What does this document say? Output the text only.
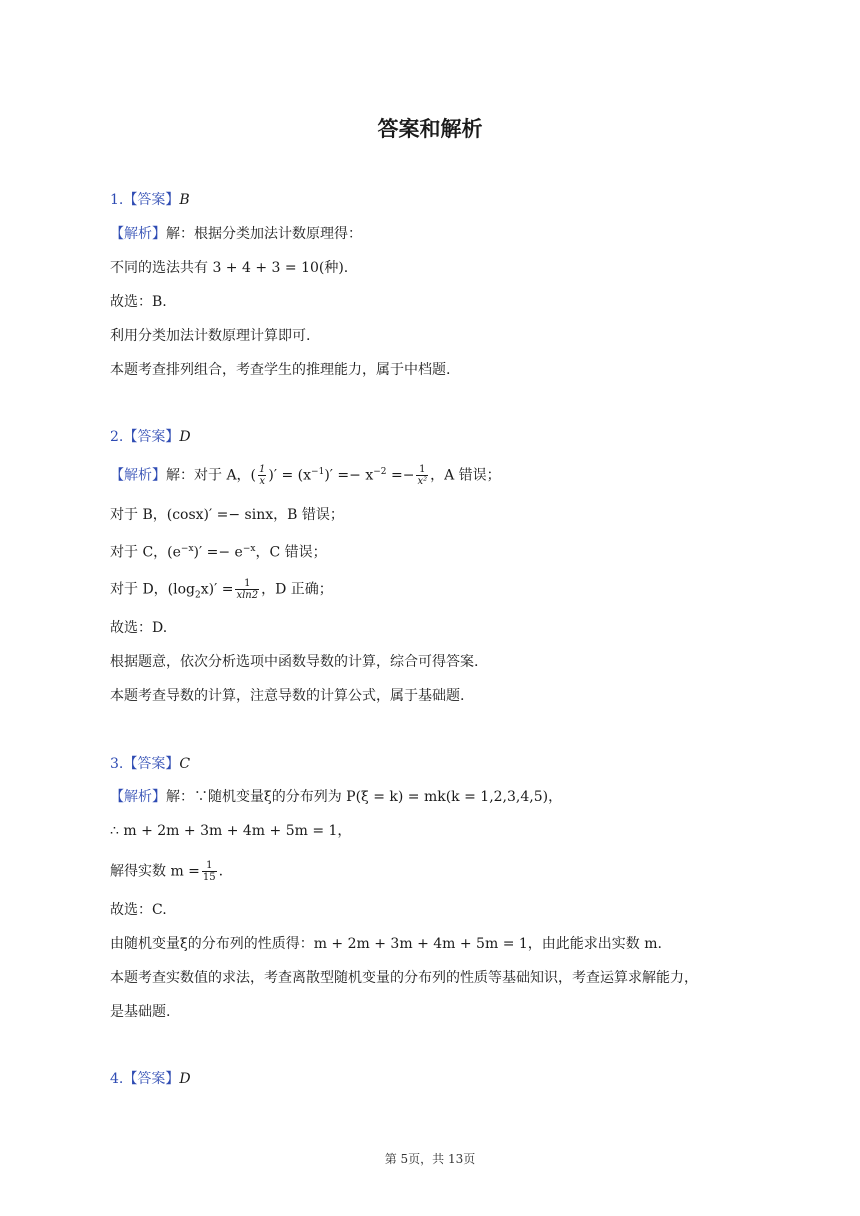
答案和解析
1.【答案】B
【解析】解：根据分类加法计数原理得：
不同的选法共有 3 + 4 + 3 = 10(种).
故选：B.
利用分类加法计数原理计算即可.
本题考查排列组合，考查学生的推理能力，属于中档题.
2.【答案】D
【解析】解：对于 A，( $\frac{1}{x}$ )′ = $(x^{-1})' =- x^{-2} =- \frac{1}{\text{x²}}$ ，A 错误；
对于 B，(cosx)′ =− sinx，B 错误；
对于 C，$(e^{-x})' =- e^{-x}$，C 错误；
对于 D，$(\log_2x)' = \frac{1}{xln2}$ ，D 正确；
故选：D.
根据题意，依次分析选项中函数导数的计算，综合可得答案.
本题考查导数的计算，注意导数的计算公式，属于基础题.
3.【答案】C
【解析】解：∵随机变量ξ的分布列为 P(ξ = k) = mk(k = 1,2,3,4,5)，
∴ m + 2m + 3m + 4m + 5m = 1，
解得实数 $m = \frac{1}{15}$ .
故选：C.
由随机变量ξ的分布列的性质得：m + 2m + 3m + 4m + 5m = 1，由此能求出实数 m.
本题考查实数值的求法，考查离散型随机变量的分布列的性质等基础知识，考查运算求解能力，
是基础题.
4.【答案】D
第 5页，共 13页
